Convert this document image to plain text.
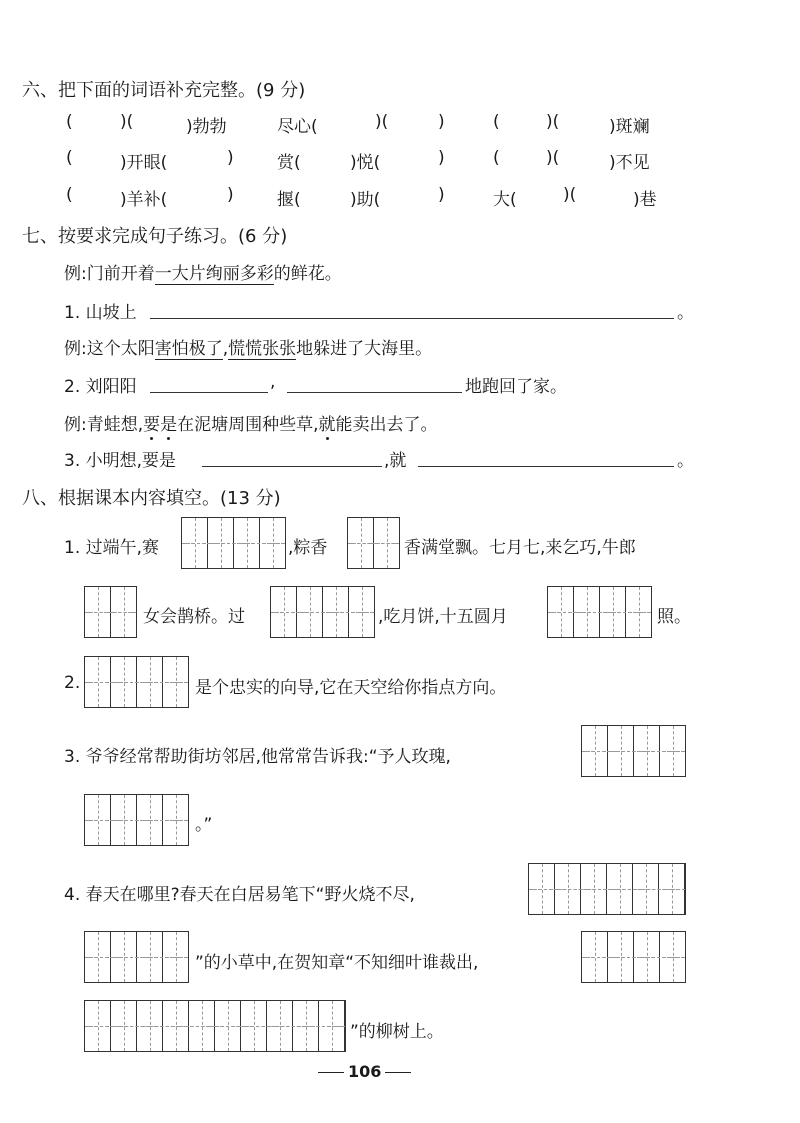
六、把下面的词语补充完整。(9 分)
(	)(	)勃勃	尽心(	)(	)	(	)(	)斑斓
(	)开眼(	)	赏(	)悦(	)	(	)(	)不见
(	)羊补(	)	揠(	)助(	)	大(	)(	)巷
七、按要求完成句子练习。(6 分)
例:门前开着一大片绚丽多彩的鲜花。
1. 山坡上	。
例:这个太阳害怕极了,慌慌张张地躲进了大海里。
2. 刘阳阳	,	地跑回了家。
例:青蛙想,要是在泥塘周围种些草,就能卖出去了。
3. 小明想,要是	,就	。
八、根据课本内容填空。(13 分)
1. 过端午,赛	,粽香	香满堂飘。七月七,来乞巧,牛郎
女会鹊桥。过	,吃月饼,十五圆月	照。
2.	是个忠实的向导,它在天空给你指点方向。
3. 爷爷经常帮助街坊邻居,他常常告诉我:“予人玫瑰,
。”
4. 春天在哪里?春天在白居易笔下“野火烧不尽,
”的小草中,在贺知章“不知细叶谁裁出,
”的柳树上。
106
